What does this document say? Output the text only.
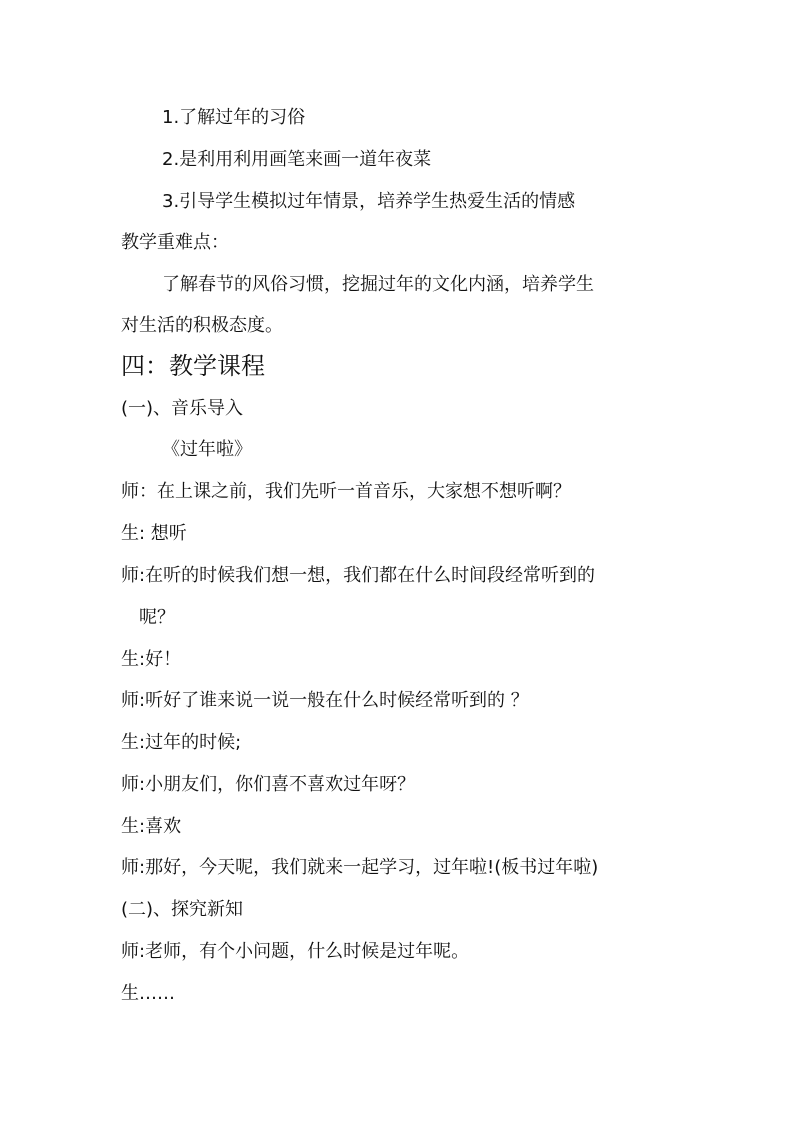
1.了解过年的习俗
2.是利用利用画笔来画一道年夜菜
3.引导学生模拟过年情景，培养学生热爱生活的情感
教学重难点：
了解春节的风俗习惯，挖掘过年的文化内涵，培养学生
对生活的积极态度。
四：教学课程
(一)、音乐导入
《过年啦》
师：在上课之前，我们先听一首音乐，大家想不想听啊？
生: 想听
师:在听的时候我们想一想，我们都在什么时间段经常听到的
呢？
生:好！
师:听好了谁来说一说一般在什么时候经常听到的 ？
生:过年的时候;
师:小朋友们，你们喜不喜欢过年呀？
生:喜欢
师:那好，今天呢，我们就来一起学习，过年啦!(板书过年啦)
(二)、探究新知
师:老师，有个小问题，什么时候是过年呢。
生……
